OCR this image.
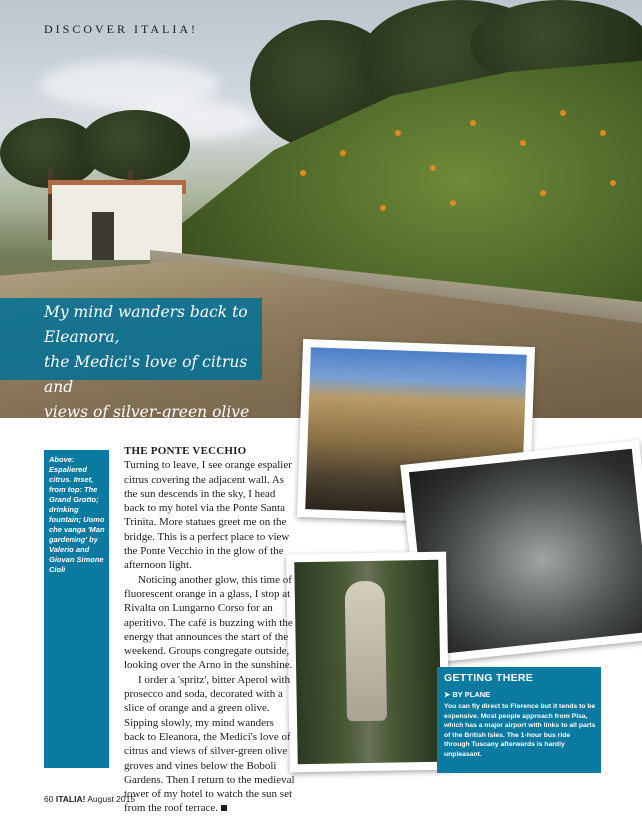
DISCOVER ITALIA!
My mind wanders back to Eleanora,
the Medici's love of citrus and
views of silver-green olive groves
Above: Espaliered citrus. Inset, from top: The Grand Grotto; drinking fountain; Uomo che vanga 'Man gardening' by Valerio and Giovan Simone Cioli
THE PONTE VECCHIO

Turning to leave, I see orange espalier citrus covering the adjacent wall. As the sun descends in the sky, I head back to my hotel via the Ponte Santa Trinita. More statues greet me on the bridge. This is a perfect place to view the Ponte Vecchio in the glow of the afternoon light.

Noticing another glow, this time of fluorescent orange in a glass, I stop at Rivalta on Lungarno Corso for an aperitivo. The café is buzzing with the energy that announces the start of the weekend. Groups congregate outside, looking over the Arno in the sunshine.

I order a 'spritz', bitter Aperol with prosecco and soda, decorated with a slice of orange and a green olive. Sipping slowly, my mind wanders back to Eleanora, the Medici's love of citrus and views of silver-green olive groves and vines below the Boboli Gardens. Then I return to the medieval tower of my hotel to watch the sun set from the roof terrace.

GETTING THERE
➤ BY PLANE
You can fly direct to Florence but it tends to be expensive. Most people approach from Pisa, which has a major airport with links to all parts of the British Isles. The 1-hour bus ride through Tuscany afterwards is hardly unpleasant.
60 ITALIA! August 2015
